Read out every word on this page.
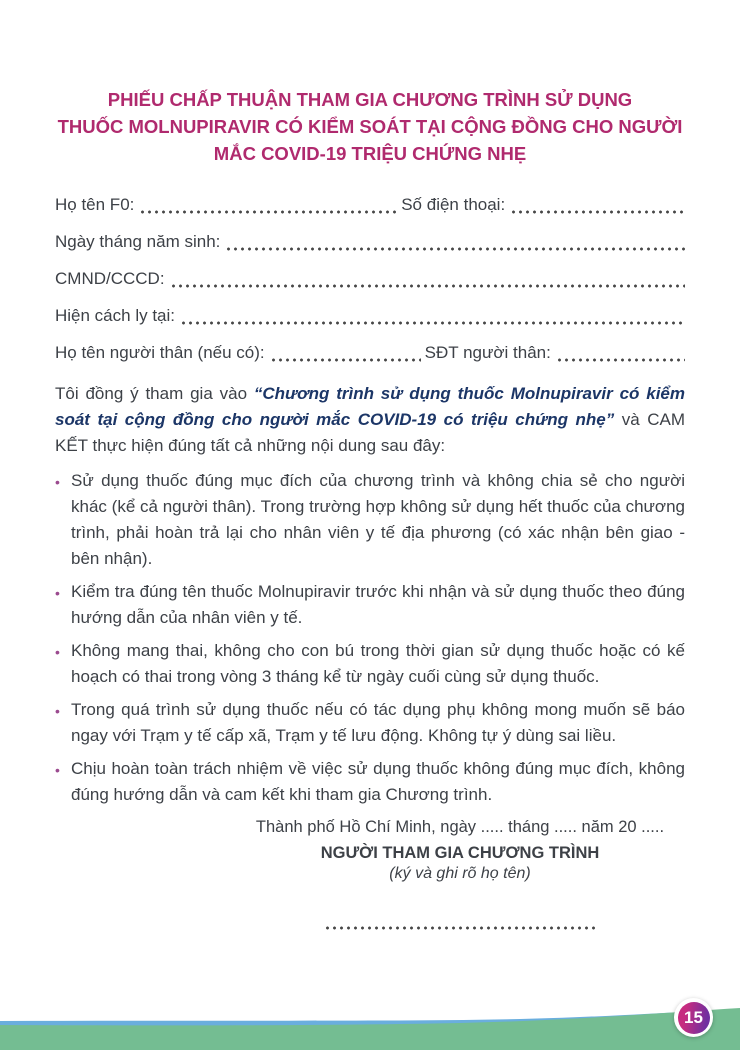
PHIẾU CHẤP THUẬN THAM GIA CHƯƠNG TRÌNH SỬ DỤNG
THUỐC MOLNUPIRAVIR CÓ KIỂM SOÁT TẠI CỘNG ĐỒNG CHO NGƯỜI
MẮC COVID-19 TRIỆU CHỨNG NHẸ
Họ tên F0:	Số điện thoại:
Ngày tháng năm sinh:
CMND/CCCD:
Hiện cách ly tại:
Họ tên người thân (nếu có):	SĐT người thân:

Tôi đồng ý tham gia vào “Chương trình sử dụng thuốc Molnupiravir có kiểm soát tại cộng đồng cho người mắc COVID-19 có triệu chứng nhẹ” và CAM KẾT thực hiện đúng tất cả những nội dung sau đây:

• Sử dụng thuốc đúng mục đích của chương trình và không chia sẻ cho người khác (kể cả người thân). Trong trường hợp không sử dụng hết thuốc của chương trình, phải hoàn trả lại cho nhân viên y tế địa phương (có xác nhận bên giao - bên nhận).
• Kiểm tra đúng tên thuốc Molnupiravir trước khi nhận và sử dụng thuốc theo đúng hướng dẫn của nhân viên y tế.
• Không mang thai, không cho con bú trong thời gian sử dụng thuốc hoặc có kế hoạch có thai trong vòng 3 tháng kể từ ngày cuối cùng sử dụng thuốc.
• Trong quá trình sử dụng thuốc nếu có tác dụng phụ không mong muốn sẽ báo ngay với Trạm y tế cấp xã, Trạm y tế lưu động. Không tự ý dùng sai liều.
• Chịu hoàn toàn trách nhiệm về việc sử dụng thuốc không đúng mục đích, không đúng hướng dẫn và cam kết khi tham gia Chương trình.
Thành phố Hồ Chí Minh, ngày ..... tháng ..... năm 20 .....
NGƯỜI THAM GIA CHƯƠNG TRÌNH
(ký và ghi rõ họ tên)
15
